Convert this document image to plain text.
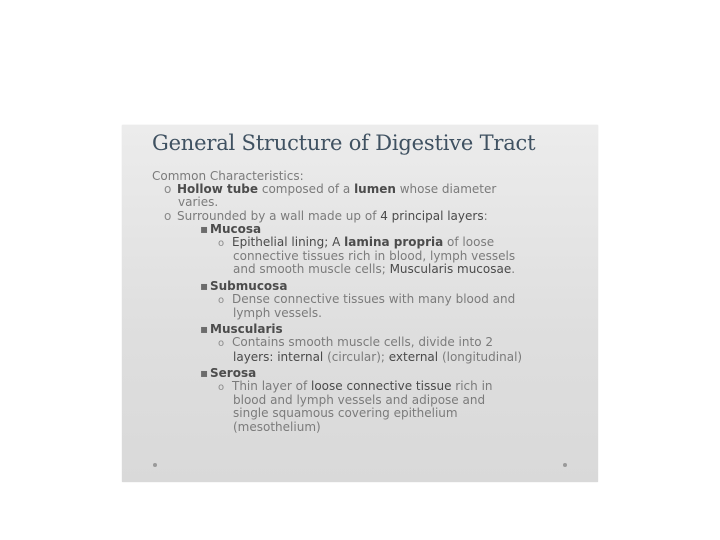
General Structure of Digestive Tract
Common Characteristics:
o Hollow tube composed of a lumen whose diameter
varies.
o Surrounded by a wall made up of 4 principal layers:
▪ Mucosa
o Epithelial lining; A lamina propria of loose
connective tissues rich in blood, lymph vessels
and smooth muscle cells; Muscularis mucosae.
▪ Submucosa
o Dense connective tissues with many blood and
lymph vessels.
▪ Muscularis
o Contains smooth muscle cells, divide into 2
layers: internal (circular); external (longitudinal)
▪ Serosa
o Thin layer of loose connective tissue rich in
blood and lymph vessels and adipose and
single squamous covering epithelium
(mesothelium)
